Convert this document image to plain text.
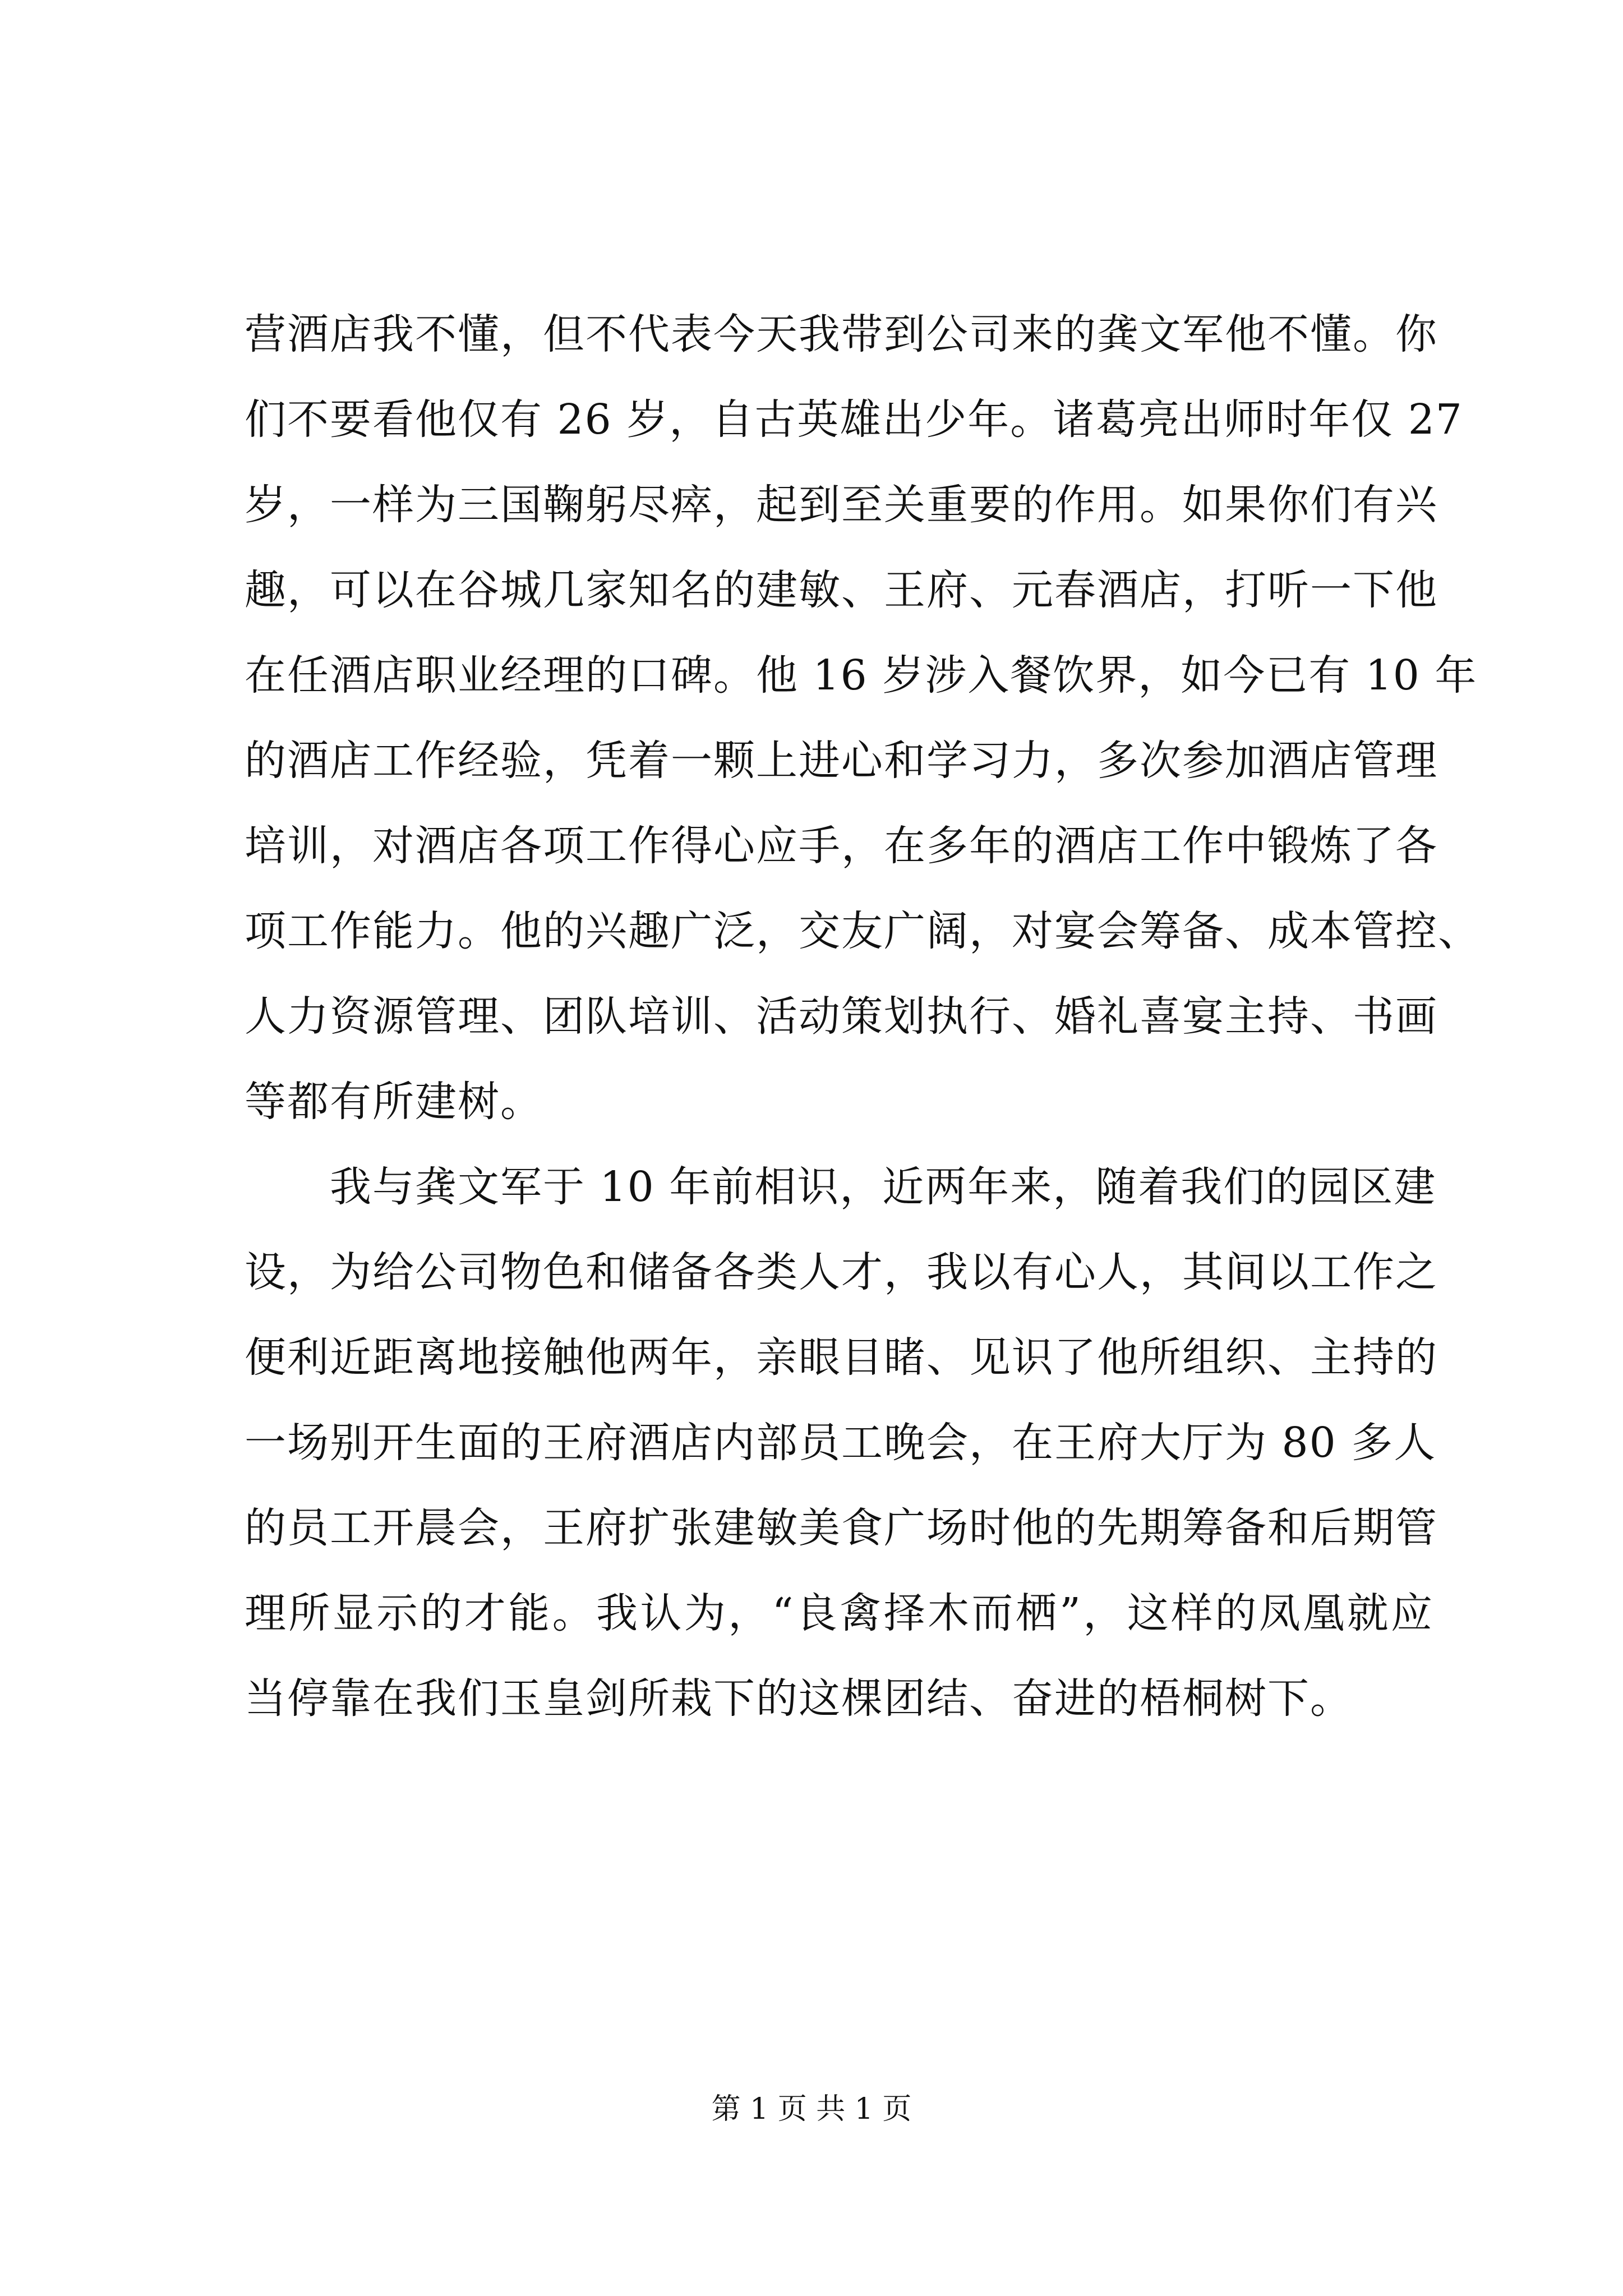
营酒店我不懂，但不代表今天我带到公司来的龚文军他不懂。你
们不要看他仅有 26 岁，自古英雄出少年。诸葛亮出师时年仅 27
岁，一样为三国鞠躬尽瘁，起到至关重要的作用。如果你们有兴
趣，可以在谷城几家知名的建敏、王府、元春酒店，打听一下他
在任酒店职业经理的口碑。他 16 岁涉入餐饮界，如今已有 10 年
的酒店工作经验，凭着一颗上进心和学习力，多次参加酒店管理
培训，对酒店各项工作得心应手，在多年的酒店工作中锻炼了各
项工作能力。他的兴趣广泛，交友广阔，对宴会筹备、成本管控、
人力资源管理、团队培训、活动策划执行、婚礼喜宴主持、书画
等都有所建树。
我与龚文军于 10 年前相识，近两年来，随着我们的园区建
设，为给公司物色和储备各类人才，我以有心人，其间以工作之
便利近距离地接触他两年，亲眼目睹、见识了他所组织、主持的
一场别开生面的王府酒店内部员工晚会，在王府大厅为 80 多人
的员工开晨会，王府扩张建敏美食广场时他的先期筹备和后期管
理所显示的才能。我认为，“良禽择木而栖”，这样的凤凰就应
当停靠在我们玉皇剑所栽下的这棵团结、奋进的梧桐树下。
第 1 页 共 1 页
